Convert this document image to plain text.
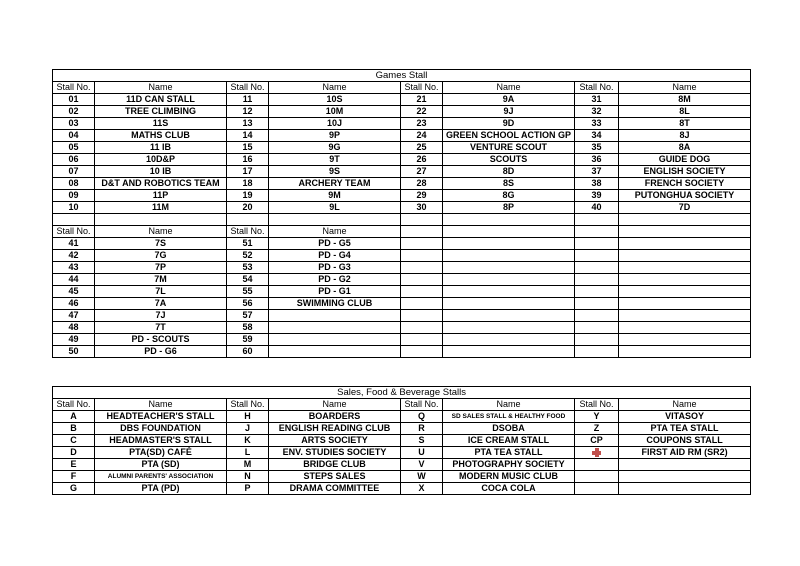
Games Stall							
Stall No.	Name	Stall No.	Name	Stall No.	Name	Stall No.	Name
01	11D CAN STALL	11	10S	21	9A	31	8M
02	TREE CLIMBING	12	10M	22	9J	32	8L
03	11S	13	10J	23	9D	33	8T
04	MATHS CLUB	14	9P	24	GREEN SCHOOL ACTION GP	34	8J
05	11 IB	15	9G	25	VENTURE SCOUT	35	8A
06	10D&P	16	9T	26	SCOUTS	36	GUIDE DOG
07	10 IB	17	9S	27	8D	37	ENGLISH SOCIETY
08	D&T AND ROBOTICS TEAM	18	ARCHERY TEAM	28	8S	38	FRENCH SOCIETY
09	11P	19	9M	29	8G	39	PUTONGHUA SOCIETY
10	11M	20	9L	30	8P	40	7D

Stall No.	Name	Stall No.	Name				
41	7S	51	PD - G5				
42	7G	52	PD - G4				
43	7P	53	PD - G3				
44	7M	54	PD - G2				
45	7L	55	PD - G1				
46	7A	56	SWIMMING CLUB				
47	7J	57					
48	7T	58					
49	PD - SCOUTS	59					
50	PD - G6	60					
Sales, Food & Beverage Stalls							
Stall No.	Name	Stall No.	Name	Stall No.	Name	Stall No.	Name
A	HEADTEACHER'S STALL	H	BOARDERS	Q	SD SALES STALL & HEALTHY FOOD	Y	VITASOY
B	DBS FOUNDATION	J	ENGLISH READING CLUB	R	DSOBA	Z	PTA TEA STALL
C	HEADMASTER'S STALL	K	ARTS SOCIETY	S	ICE CREAM STALL	CP	COUPONS STALL
D	PTA(SD) CAFÉ	L	ENV. STUDIES SOCIETY	U	PTA TEA STALL		FIRST AID RM (SR2)
E	PTA (SD)	M	BRIDGE CLUB	V	PHOTOGRAPHY SOCIETY		
F	ALUMNI PARENTS' ASSOCIATION	N	STEPS SALES	W	MODERN MUSIC CLUB		
G	PTA (PD)	P	DRAMA COMMITTEE	X	COCA COLA		
